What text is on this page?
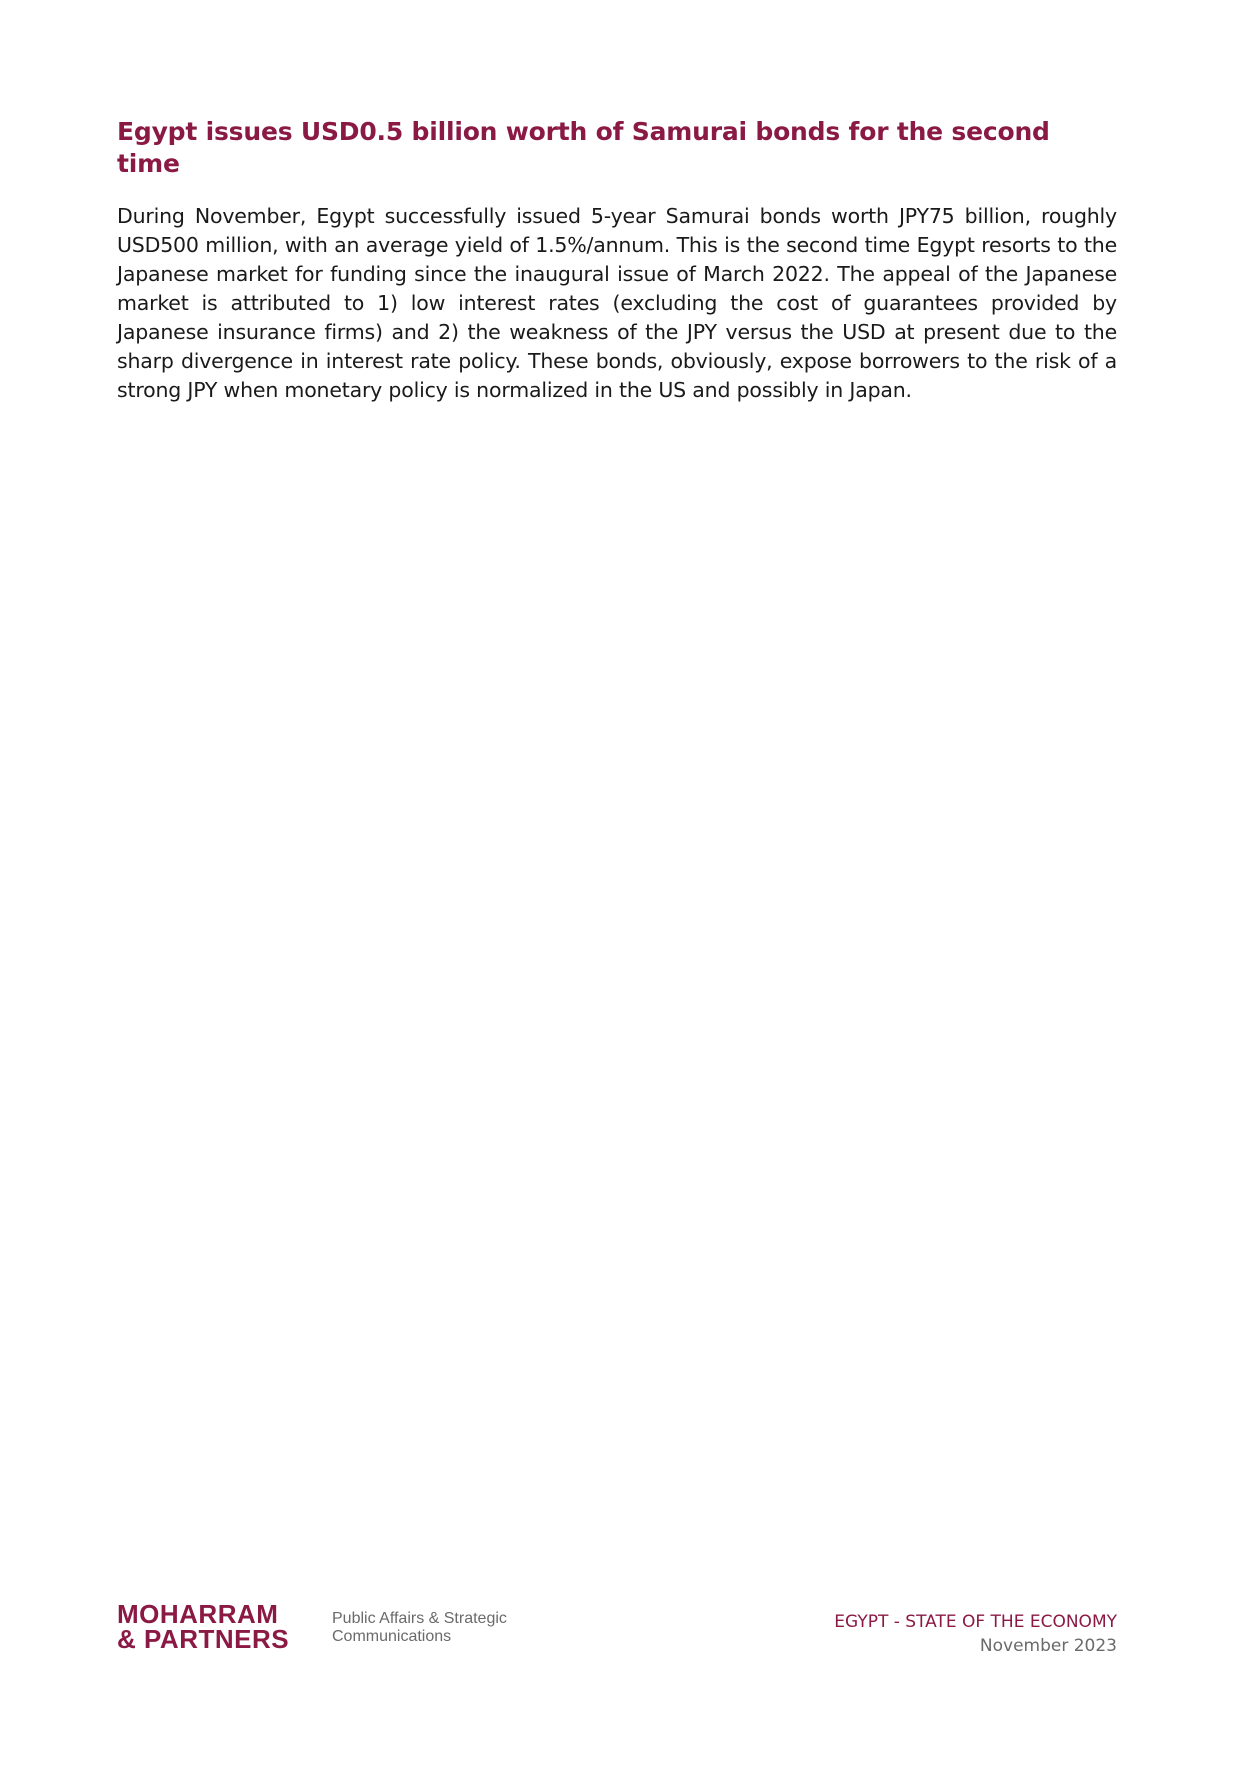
Egypt issues USD0.5 billion worth of Samurai bonds for the second time

During November, Egypt successfully issued 5-year Samurai bonds worth JPY75 billion, roughly USD500 million, with an average yield of 1.5%/annum. This is the second time Egypt resorts to the Japanese market for funding since the inaugural issue of March 2022. The appeal of the Japanese market is attributed to 1) low interest rates (excluding the cost of guarantees provided by Japanese insurance firms) and 2) the weakness of the JPY versus the USD at present due to the sharp divergence in interest rate policy. These bonds, obviously, expose borrowers to the risk of a strong JPY when monetary policy is normalized in the US and possibly in Japan.

MOHARRAM
& PARTNERS
Public Affairs & Strategic
Communications
EGYPT - STATE OF THE ECONOMY
November 2023
